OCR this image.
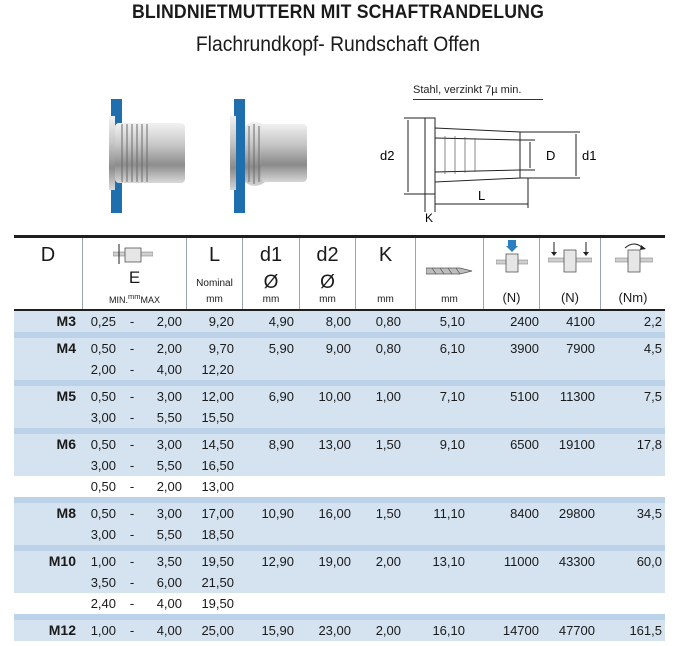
BLINDNIETMUTTERN MIT SCHAFTRANDELUNG
Flachrundkopf- Rundschaft Offen
Stahl, verzinkt 7µ min.
d2	d1
D
L
K
D
E
MIN.$^{mm}$MAX
L
Nominal
mm
d1
Ø
mm
d2
Ø
mm
K
mm	mm	(N)	(N)	(Nm)
M3	0,25	-	2,00	9,20	4,90	8,00	0,80	5,10	2400	4100	2,2
M4	0,50	-	2,00	9,70	5,90	9,00	0,80	6,10	3900	7900	4,5
2,00	-	4,00	12,20
M5	0,50	-	3,00	12,00	6,90	10,00	1,00	7,10	5100	11300	7,5
3,00	-	5,50	15,50
M6	0,50	-	3,00	14,50	8,90	13,00	1,50	9,10	6500	19100	17,8
3,00	-	5,50	16,50
0,50	-	2,00	13,00
M8	0,50	-	3,00	17,00	10,90	16,00	1,50	11,10	8400	29800	34,5
3,00	-	5,50	18,50
M10	1,00	-	3,50	19,50	12,90	19,00	2,00	13,10	11000	43300	60,0
3,50	-	6,00	21,50
2,40	-	4,00	19,50
M12	1,00	-	4,00	25,00	15,90	23,00	2,00	16,10	14700	47700	161,5
